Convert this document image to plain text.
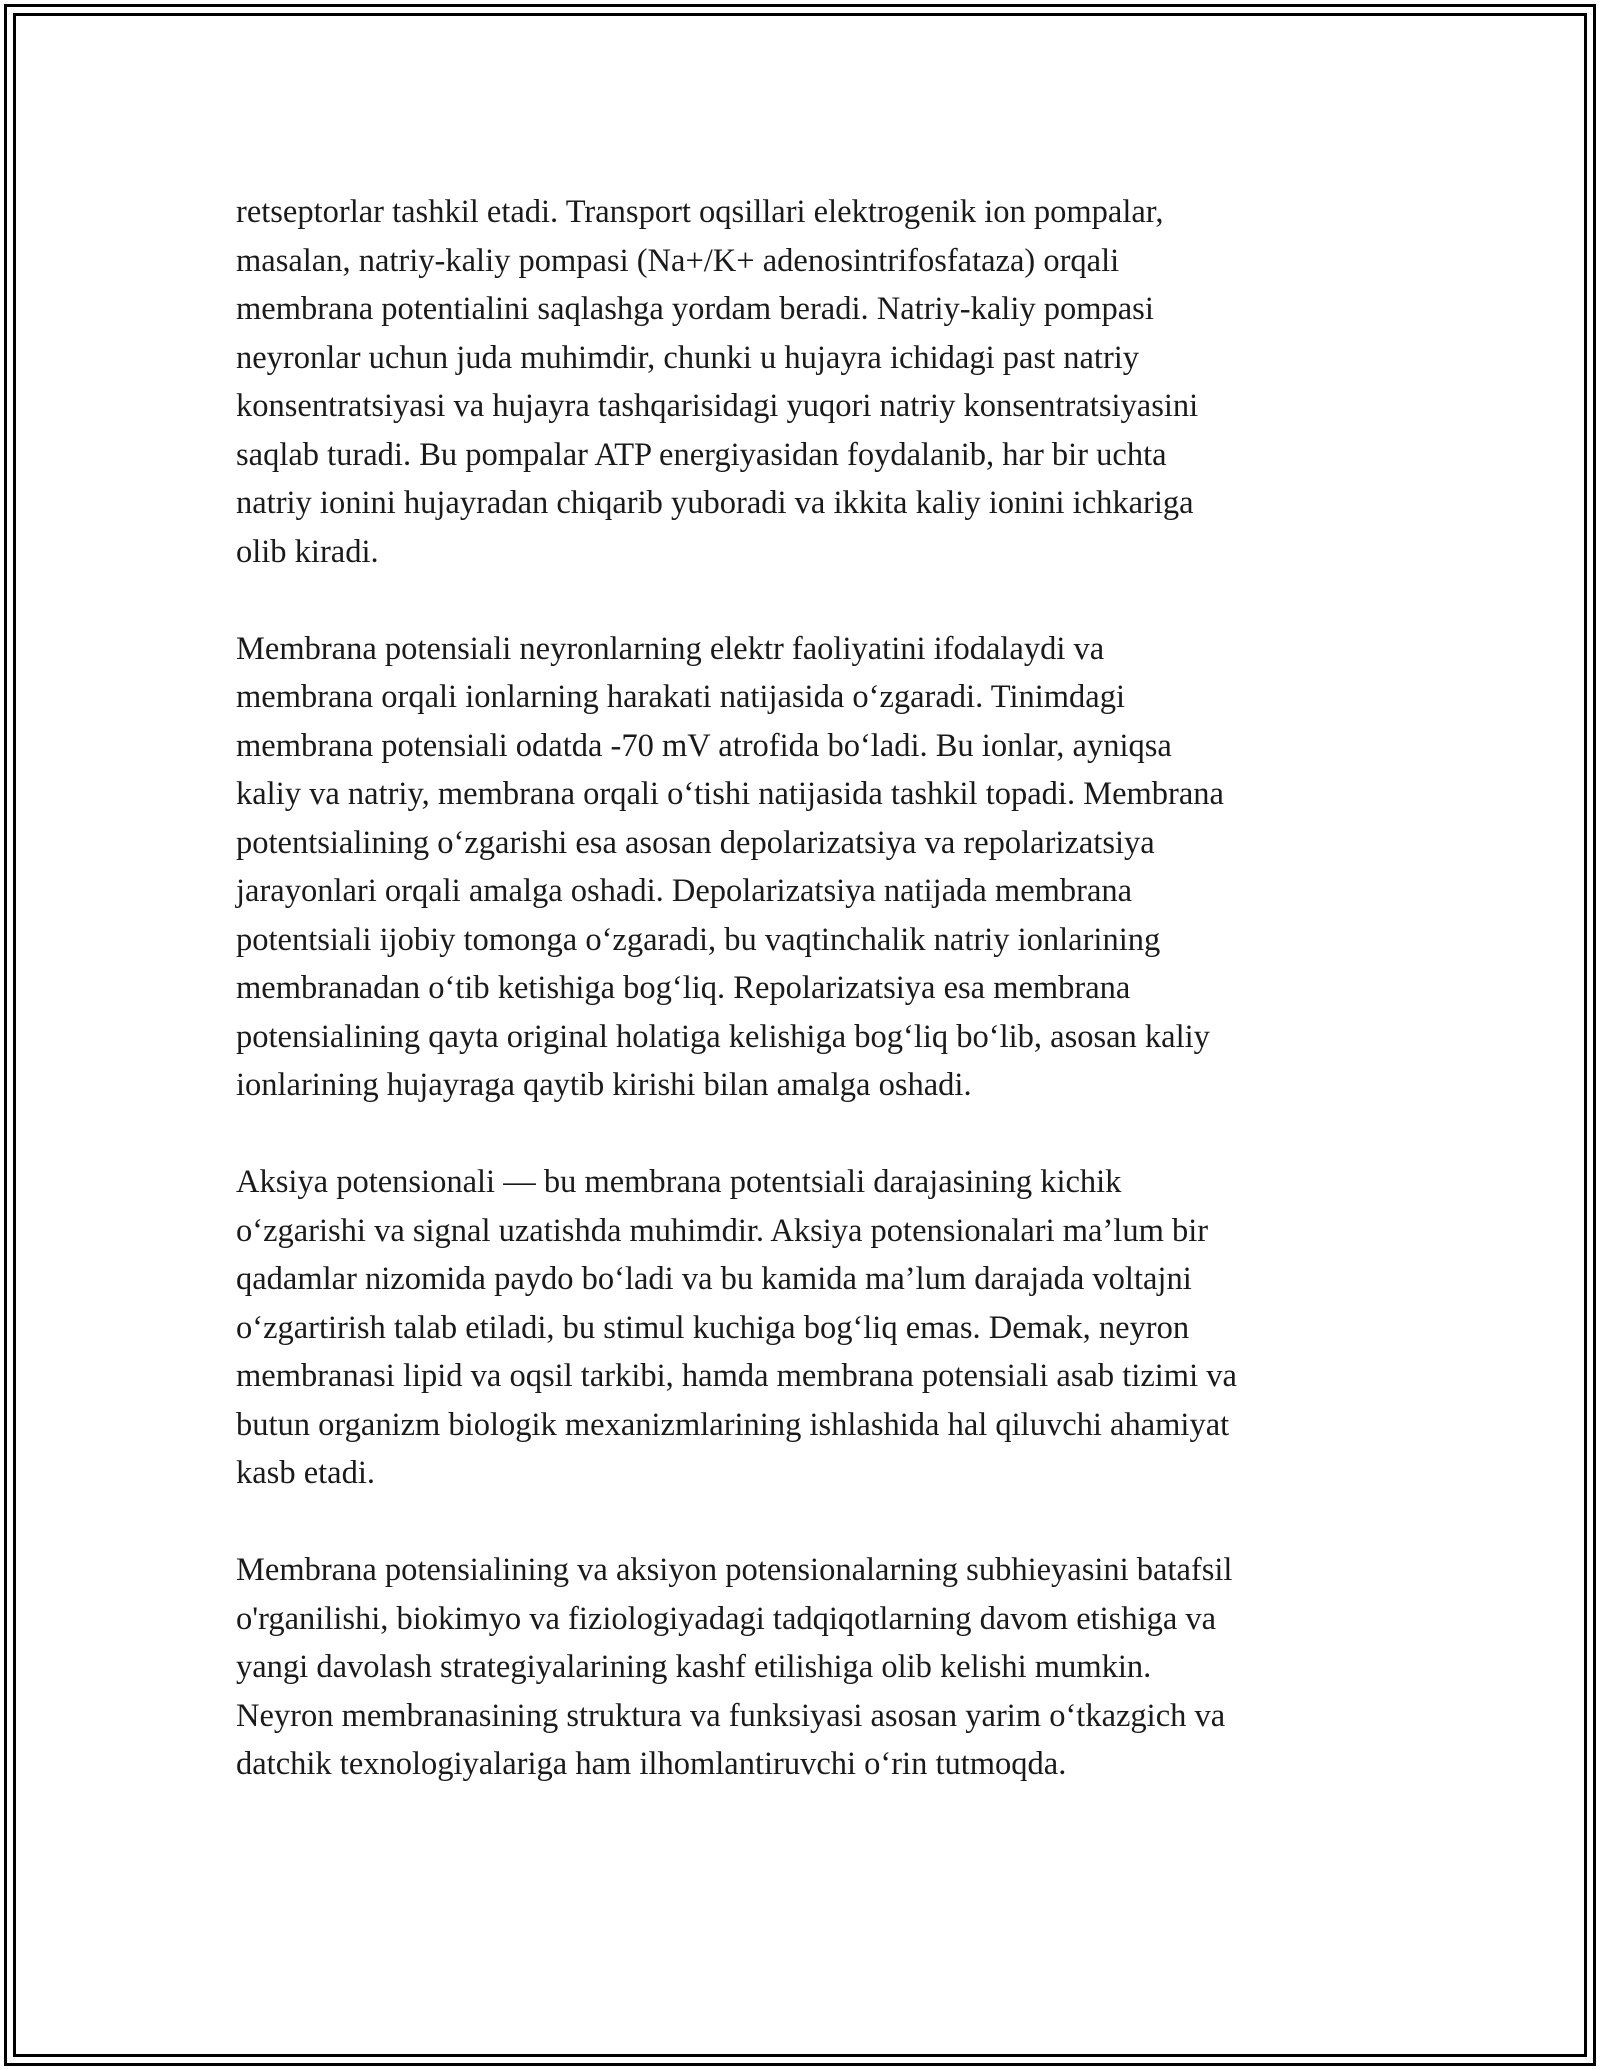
retseptorlar tashkil etadi. Transport oqsillari elektrogenik ion pompalar,
masalan, natriy-kaliy pompasi (Na+/K+ adenosintrifosfataza) orqali
membrana potentialini saqlashga yordam beradi. Natriy-kaliy pompasi
neyronlar uchun juda muhimdir, chunki u hujayra ichidagi past natriy
konsentratsiyasi va hujayra tashqarisidagi yuqori natriy konsentratsiyasini
saqlab turadi. Bu pompalar ATP energiyasidan foydalanib, har bir uchta
natriy ionini hujayradan chiqarib yuboradi va ikkita kaliy ionini ichkariga
olib kiradi.

Membrana potensiali neyronlarning elektr faoliyatini ifodalaydi va
membrana orqali ionlarning harakati natijasida o‘zgaradi. Tinimdagi
membrana potensiali odatda -70 mV atrofida bo‘ladi. Bu ionlar, ayniqsa
kaliy va natriy, membrana orqali o‘tishi natijasida tashkil topadi. Membrana
potentsialining o‘zgarishi esa asosan depolarizatsiya va repolarizatsiya
jarayonlari orqali amalga oshadi. Depolarizatsiya natijada membrana
potentsiali ijobiy tomonga o‘zgaradi, bu vaqtinchalik natriy ionlarining
membranadan o‘tib ketishiga bog‘liq. Repolarizatsiya esa membrana
potensialining qayta original holatiga kelishiga bog‘liq bo‘lib, asosan kaliy
ionlarining hujayraga qaytib kirishi bilan amalga oshadi.

Aksiya potensionali — bu membrana potentsiali darajasining kichik
o‘zgarishi va signal uzatishda muhimdir. Aksiya potensionalari ma’lum bir
qadamlar nizomida paydo bo‘ladi va bu kamida ma’lum darajada voltajni
o‘zgartirish talab etiladi, bu stimul kuchiga bog‘liq emas. Demak, neyron
membranasi lipid va oqsil tarkibi, hamda membrana potensiali asab tizimi va
butun organizm biologik mexanizmlarining ishlashida hal qiluvchi ahamiyat
kasb etadi.

Membrana potensialining va aksiyon potensionalarning subhieyasini batafsil
o'rganilishi, biokimyo va fiziologiyadagi tadqiqotlarning davom etishiga va
yangi davolash strategiyalarining kashf etilishiga olib kelishi mumkin.
Neyron membranasining struktura va funksiyasi asosan yarim o‘tkazgich va
datchik texnologiyalariga ham ilhomlantiruvchi o‘rin tutmoqda.
